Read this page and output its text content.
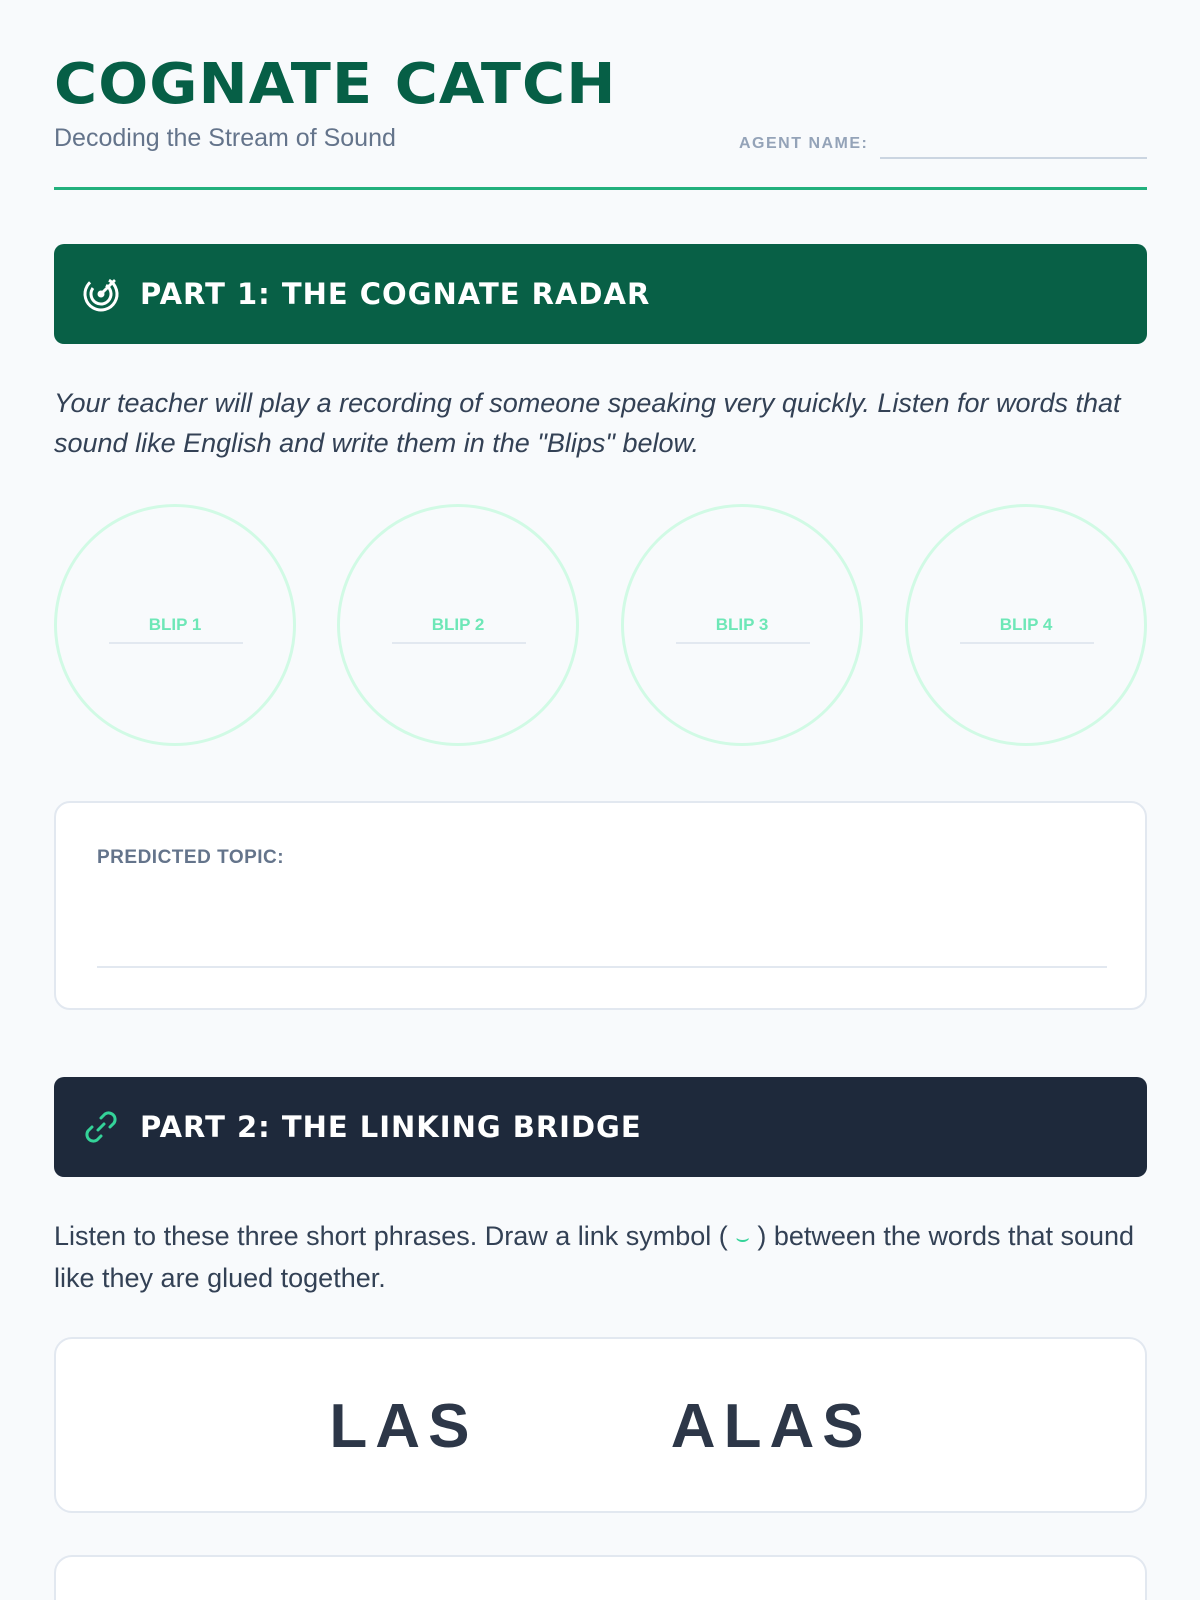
COGNATE CATCH
Decoding the Stream of Sound	AGENT NAME:
PART 1: THE COGNATE RADAR

Your teacher will play a recording of someone speaking very quickly. Listen for words that sound like English and write them in the "Blips" below.

BLIP 1	BLIP 2	BLIP 3	BLIP 4
PREDICTED TOPIC:
PART 2: THE LINKING BRIDGE

Listen to these three short phrases. Draw a link symbol ( ⌣ ) between the words that sound like they are glued together.

LAS   ALAS
